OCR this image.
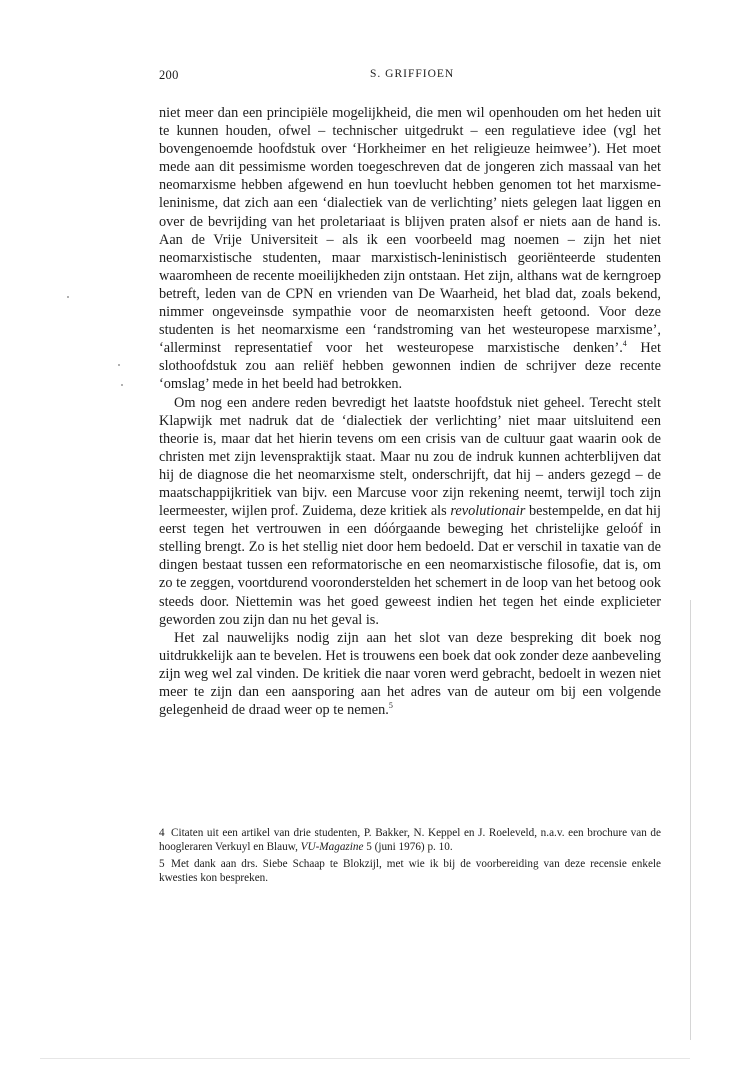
200	S. GRIFFIOEN

niet meer dan een principiële mogelijkheid, die men wil openhouden om het heden uit te kunnen houden, ofwel – technischer uitgedrukt – een regulatieve idee (vgl het bovengenoemde hoofdstuk over ‘Horkheimer en het religieuze heimwee’). Het moet mede aan dit pessimisme worden toegeschreven dat de jongeren zich massaal van het neomarxisme hebben afgewend en hun toevlucht hebben genomen tot het marxisme-leninisme, dat zich aan een ‘dialectiek van de verlichting’ niets gelegen laat liggen en over de bevrijding van het proletariaat is blijven praten alsof er niets aan de hand is. Aan de Vrije Universiteit – als ik een voorbeeld mag noemen – zijn het niet neomarxistische studenten, maar marxistisch-leninistisch georiënteerde studenten waaromheen de recente moeilijkheden zijn ontstaan. Het zijn, althans wat de kerngroep betreft, leden van de CPN en vrienden van De Waarheid, het blad dat, zoals bekend, nimmer ongeveinsde sympathie voor de neomarxisten heeft getoond. Voor deze studenten is het neomarxisme een ‘randstroming van het westeuropese marxisme’, ‘allerminst representatief voor het westeuropese marxistische denken’.$^4$ Het slothoofdstuk zou aan reliëf hebben gewonnen indien de schrijver deze recente ‘omslag’ mede in het beeld had betrokken.

Om nog een andere reden bevredigt het laatste hoofdstuk niet geheel. Terecht stelt Klapwijk met nadruk dat de ‘dialectiek der verlichting’ niet maar uitsluitend een theorie is, maar dat het hierin tevens om een crisis van de cultuur gaat waarin ook de christen met zijn levenspraktijk staat. Maar nu zou de indruk kunnen achterblijven dat hij de diagnose die het neomarxisme stelt, onderschrijft, dat hij – anders gezegd – de maatschappijkritiek van bijv. een Marcuse voor zijn rekening neemt, terwijl toch zijn leermeester, wijlen prof. Zuidema, deze kritiek als revolutionair bestempelde, en dat hij eerst tegen het vertrouwen in een dóórgaande beweging het christelijke geloóf in stelling brengt. Zo is het stellig niet door hem bedoeld. Dat er verschil in taxatie van de dingen bestaat tussen een reformatorische en een neomarxistische filosofie, dat is, om zo te zeggen, voortdurend vooronderstelden het schemert in de loop van het betoog ook steeds door. Niettemin was het goed geweest indien het tegen het einde explicieter geworden zou zijn dan nu het geval is.

Het zal nauwelijks nodig zijn aan het slot van deze bespreking dit boek nog uitdrukkelijk aan te bevelen. Het is trouwens een boek dat ook zonder deze aanbeveling zijn weg wel zal vinden. De kritiek die naar voren werd gebracht, bedoelt in wezen niet meer te zijn dan een aansporing aan het adres van de auteur om bij een volgende gelegenheid de draad weer op te nemen.$^5$

4 Citaten uit een artikel van drie studenten, P. Bakker, N. Keppel en J. Roeleveld, n.a.v. een brochure van de hoogleraren Verkuyl en Blauw, VU-Magazine 5 (juni 1976) p. 10.

5 Met dank aan drs. Siebe Schaap te Blokzijl, met wie ik bij de voorbereiding van deze recensie enkele kwesties kon bespreken.
